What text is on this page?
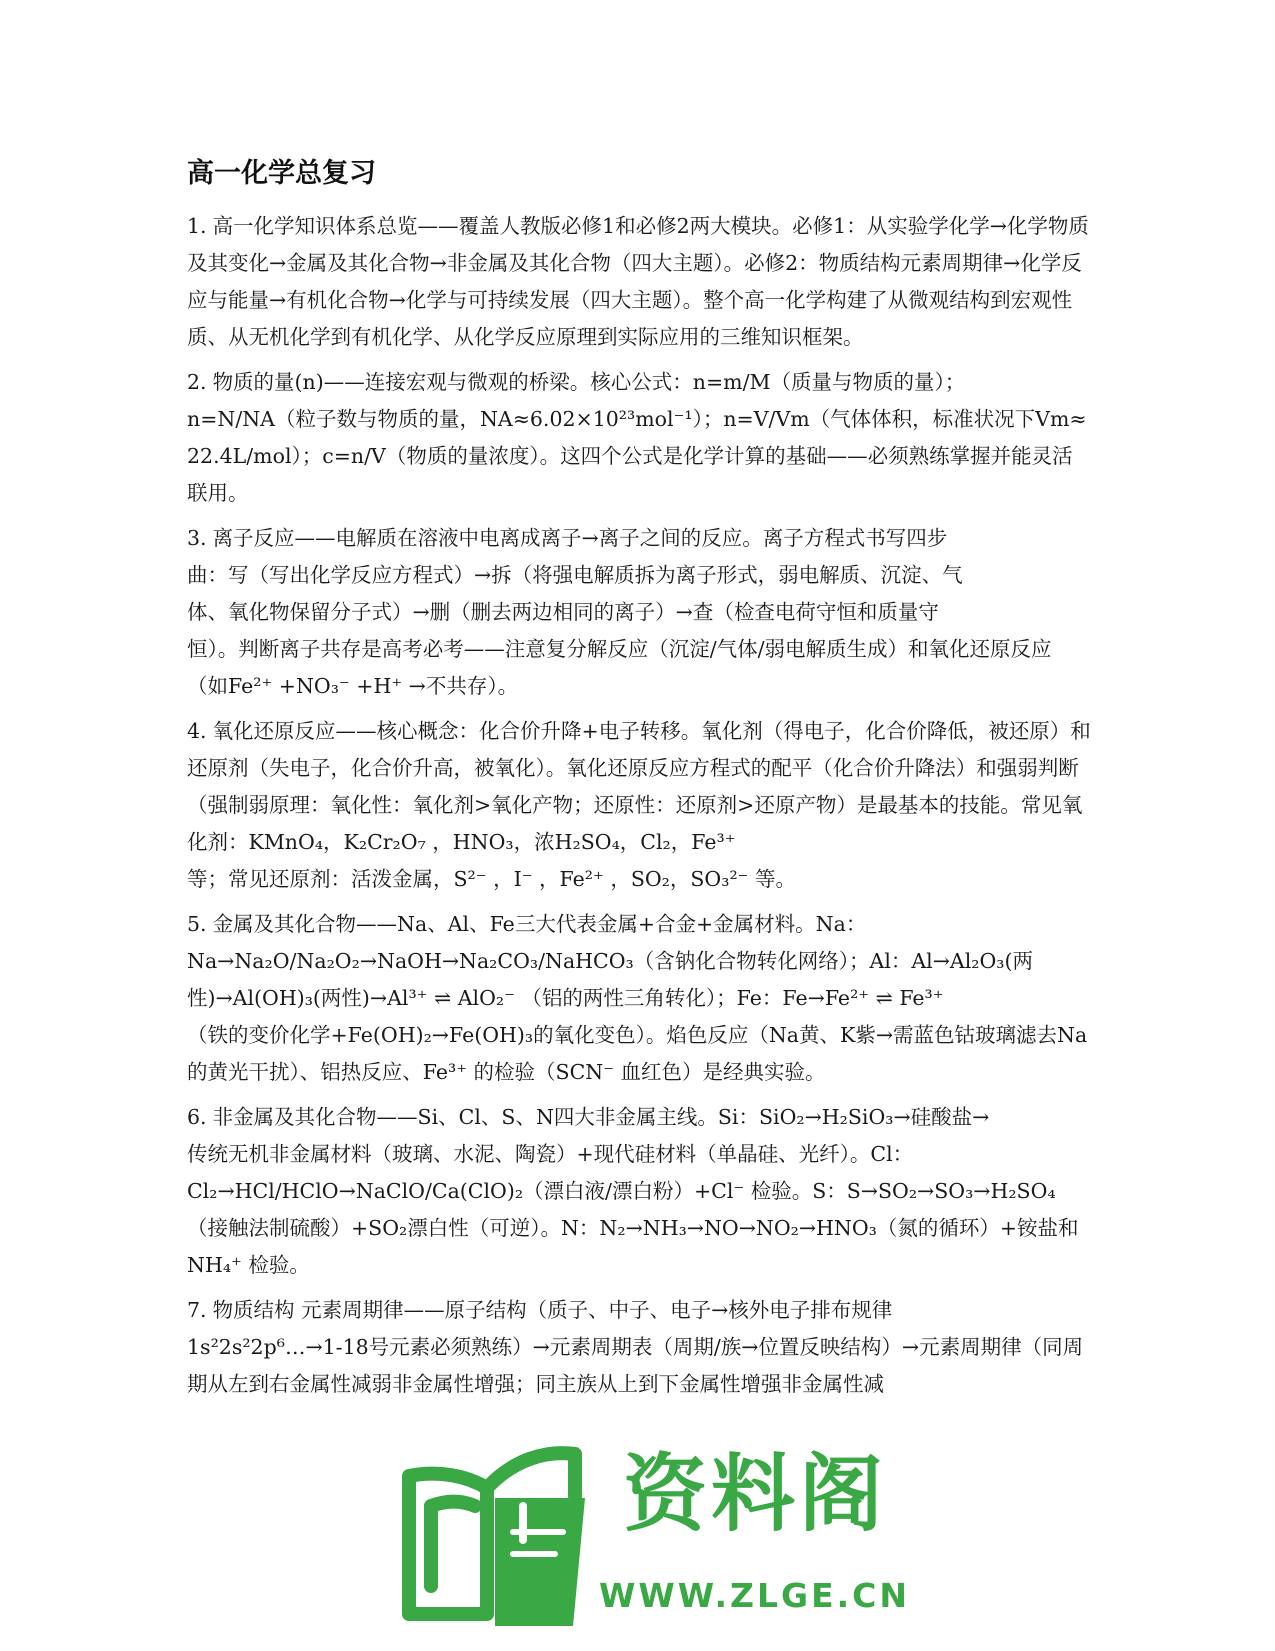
高一化学总复习

1. 高一化学知识体系总览——覆盖人教版必修1和必修2两大模块。必修1：从实验学化学→化学物质及其变化→金属及其化合物→非金属及其化合物（四大主题）。必修2：物质结构元素周期律→化学反应与能量→有机化合物→化学与可持续发展（四大主题）。整个高一化学构建了从微观结构到宏观性质、从无机化学到有机化学、从化学反应原理到实际应用的三维知识框架。

2. 物质的量(n)——连接宏观与微观的桥梁。核心公式：n=m/M（质量与物质的量）；
n=N/NA（粒子数与物质的量，NA≈6.02×10²³mol⁻¹）；n=V/Vm（气体体积，标准状况下Vm≈22.4L/mol）；c=n/V（物质的量浓度）。这四个公式是化学计算的基础——必须熟练掌握并能灵活联用。

3. 离子反应——电解质在溶液中电离成离子→离子之间的反应。离子方程式书写四步
曲：写（写出化学反应方程式）→拆（将强电解质拆为离子形式，弱电解质、沉淀、气
体、氧化物保留分子式）→删（删去两边相同的离子）→查（检查电荷守恒和质量守
恒）。判断离子共存是高考必考——注意复分解反应（沉淀/气体/弱电解质生成）和氧化还原反应（如Fe²⁺ +NO₃⁻ +H⁺ →不共存）。

4. 氧化还原反应——核心概念：化合价升降+电子转移。氧化剂（得电子，化合价降低，被还原）和还原剂（失电子，化合价升高，被氧化）。氧化还原反应方程式的配平（化合价升降法）和强弱判断（强制弱原理：氧化性：氧化剂>氧化产物；还原性：还原剂>还原产物）是最基本的技能。常见氧化剂：KMnO₄，K₂Cr₂O₇ ，HNO₃，浓H₂SO₄，Cl₂，Fe³⁺
等；常见还原剂：活泼金属，S²⁻ ，I⁻ ，Fe²⁺ ，SO₂，SO₃²⁻ 等。

5. 金属及其化合物——Na、Al、Fe三大代表金属+合金+金属材料。Na：
Na→Na₂O/Na₂O₂→NaOH→Na₂CO₃/NaHCO₃（含钠化合物转化网络）；Al：Al→Al₂O₃(两
性)→Al(OH)₃(两性)→Al³⁺ ⇌ AlO₂⁻ （铝的两性三角转化）；Fe：Fe→Fe²⁺ ⇌ Fe³⁺
（铁的变价化学+Fe(OH)₂→Fe(OH)₃的氧化变色）。焰色反应（Na黄、K紫→需蓝色钴玻璃滤去Na的黄光干扰）、铝热反应、Fe³⁺ 的检验（SCN⁻ 血红色）是经典实验。

6. 非金属及其化合物——Si、Cl、S、N四大非金属主线。Si：SiO₂→H₂SiO₃→硅酸盐→
传统无机非金属材料（玻璃、水泥、陶瓷）+现代硅材料（单晶硅、光纤）。Cl：
Cl₂→HCl/HClO→NaClO/Ca(ClO)₂（漂白液/漂白粉）+Cl⁻ 检验。S：S→SO₂→SO₃→H₂SO₄
（接触法制硫酸）+SO₂漂白性（可逆）。N：N₂→NH₃→NO→NO₂→HNO₃（氮的循环）+铵盐和NH₄⁺ 检验。

7. 物质结构 元素周期律——原子结构（质子、中子、电子→核外电子排布规律
1s²2s²2p⁶…→1-18号元素必须熟练）→元素周期表（周期/族→位置反映结构）→元素周期律（同周期从左到右金属性减弱非金属性增强；同主族从上到下金属性增强非金属性减

资料阁
WWW.ZLGE.CN
